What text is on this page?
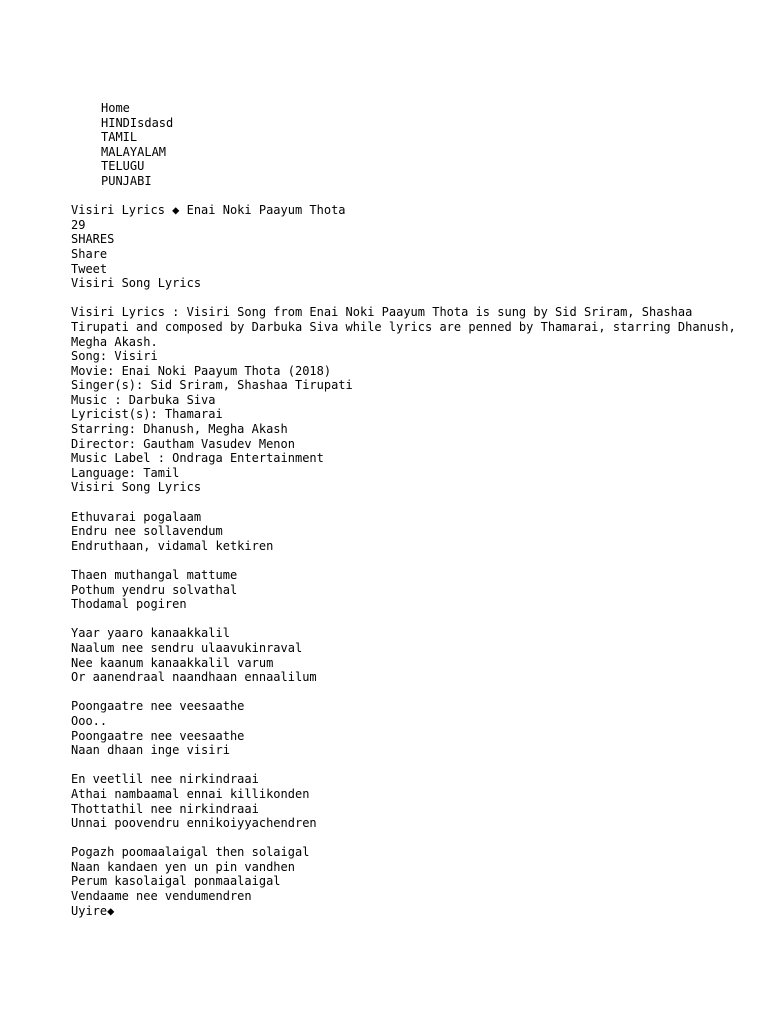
Home
HINDIsdasd
TAMIL
MALAYALAM
TELUGU
PUNJABI
Visiri Lyrics ◆ Enai Noki Paayum Thota
29
SHARES
Share
Tweet
Visiri Song Lyrics
Visiri Lyrics : Visiri Song from Enai Noki Paayum Thota is sung by Sid Sriram, Shashaa Tirupati and composed by Darbuka Siva while lyrics are penned by Thamarai, starring Dhanush, Megha Akash.
Song: Visiri
Movie: Enai Noki Paayum Thota (2018)
Singer(s): Sid Sriram, Shashaa Tirupati
Music : Darbuka Siva
Lyricist(s): Thamarai
Starring: Dhanush, Megha Akash
Director: Gautham Vasudev Menon
Music Label : Ondraga Entertainment
Language: Tamil
Visiri Song Lyrics
Ethuvarai pogalaam
Endru nee sollavendum
Endruthaan, vidamal ketkiren
Thaen muthangal mattume
Pothum yendru solvathal
Thodamal pogiren
Yaar yaaro kanaakkalil
Naalum nee sendru ulaavukinraval
Nee kaanum kanaakkalil varum
Or aanendraal naandhaan ennaalilum
Poongaatre nee veesaathe
Ooo..
Poongaatre nee veesaathe
Naan dhaan inge visiri
En veetlil nee nirkindraai
Athai nambaamal ennai killikonden
Thottathil nee nirkindraai
Unnai poovendru ennikoiyyachendren
Pogazh poomaalaigal then solaigal
Naan kandaen yen un pin vandhen
Perum kasolaigal ponmaalaigal
Vendaame nee vendumendren
Uyire◆
